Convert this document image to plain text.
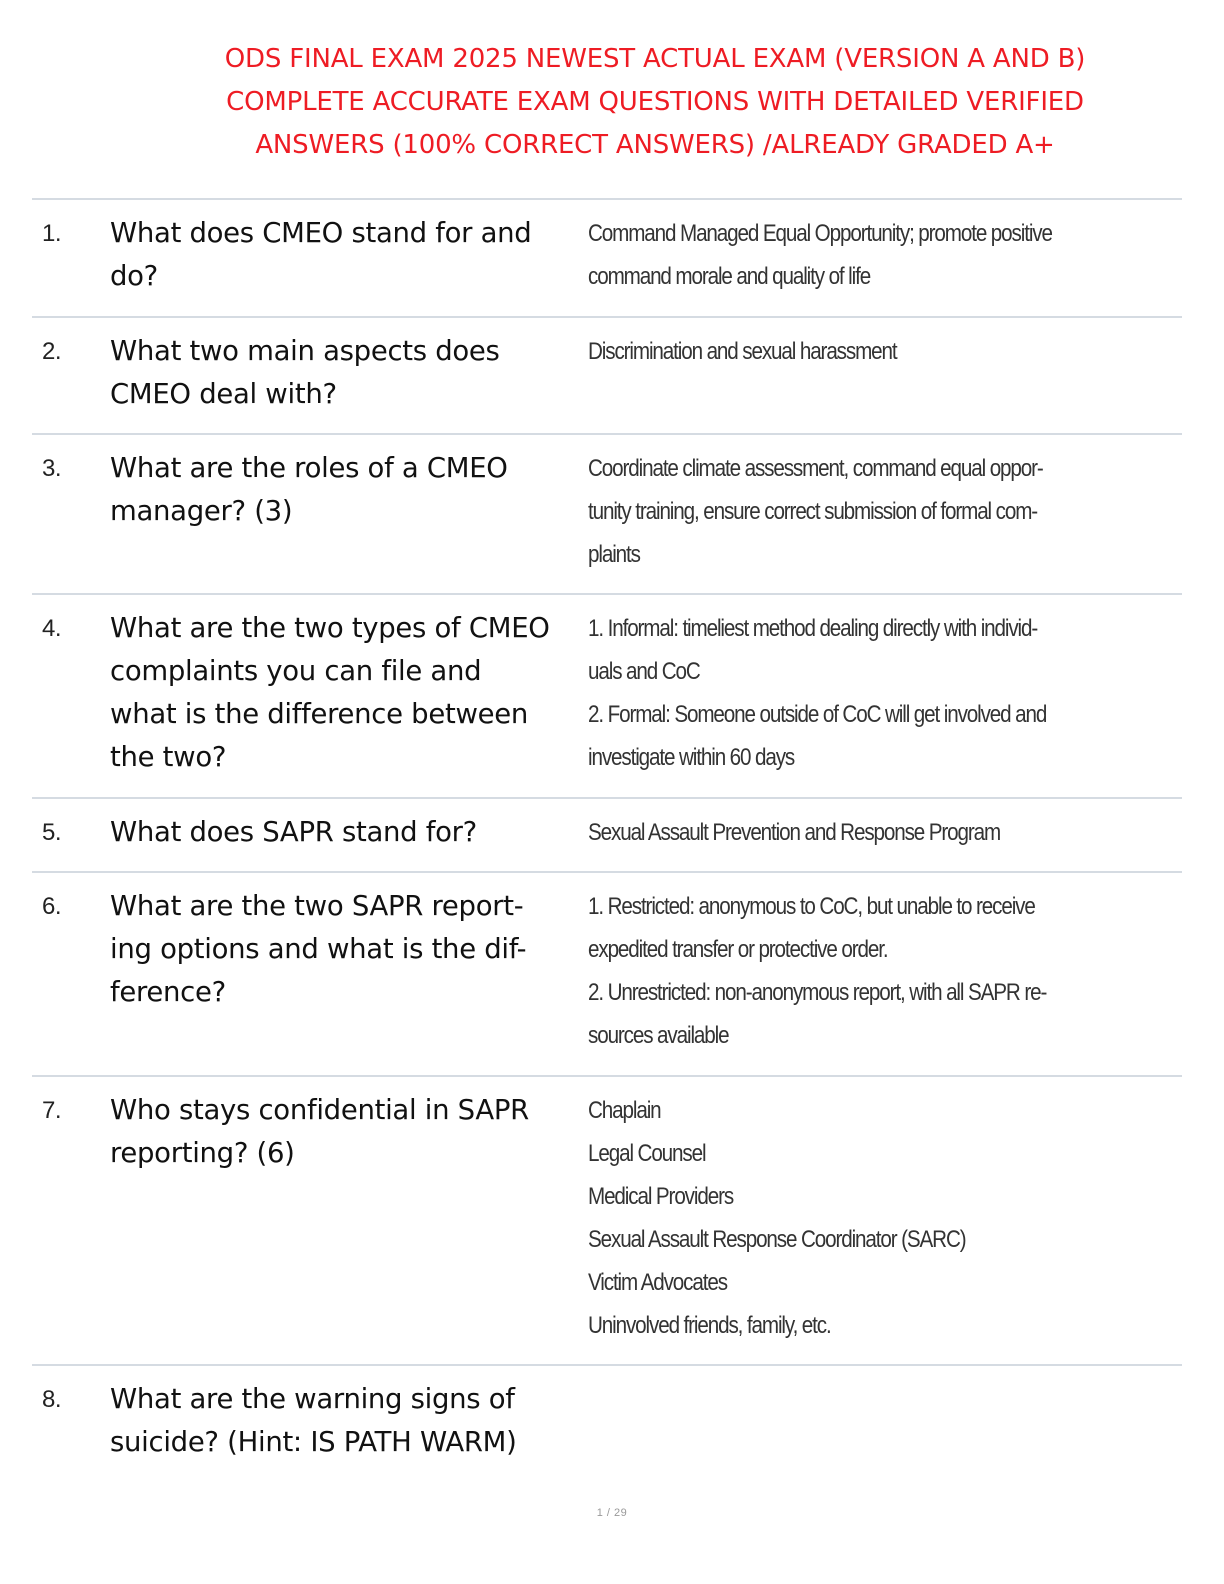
ODS FINAL EXAM 2025 NEWEST ACTUAL EXAM (VERSION A AND B)
COMPLETE ACCURATE EXAM QUESTIONS WITH DETAILED VERIFIED
ANSWERS (100% CORRECT ANSWERS) /ALREADY GRADED A+
1. What does CMEO stand for and
do?
Command Managed Equal Opportunity; promote positive
command morale and quality of life
2. What two main aspects does
CMEO deal with?
Discrimination and sexual harassment
3. What are the roles of a CMEO
manager? (3)
Coordinate climate assessment, command equal oppor-
tunity training, ensure correct submission of formal com-
plaints
4. What are the two types of CMEO
complaints you can file and
what is the difference between
the two?
1. Informal: timeliest method dealing directly with individ-
uals and CoC
2. Formal: Someone outside of CoC will get involved and
investigate within 60 days
5. What does SAPR stand for?	Sexual Assault Prevention and Response Program
6. What are the two SAPR report-
ing options and what is the dif-
ference?
1. Restricted: anonymous to CoC, but unable to receive
expedited transfer or protective order.
2. Unrestricted: non-anonymous report, with all SAPR re-
sources available
7. Who stays confidential in SAPR
reporting? (6)
Chaplain
Legal Counsel
Medical Providers
Sexual Assault Response Coordinator (SARC)
Victim Advocates
Uninvolved friends, family, etc.
8. What are the warning signs of
suicide? (Hint: IS PATH WARM)
1 / 29
